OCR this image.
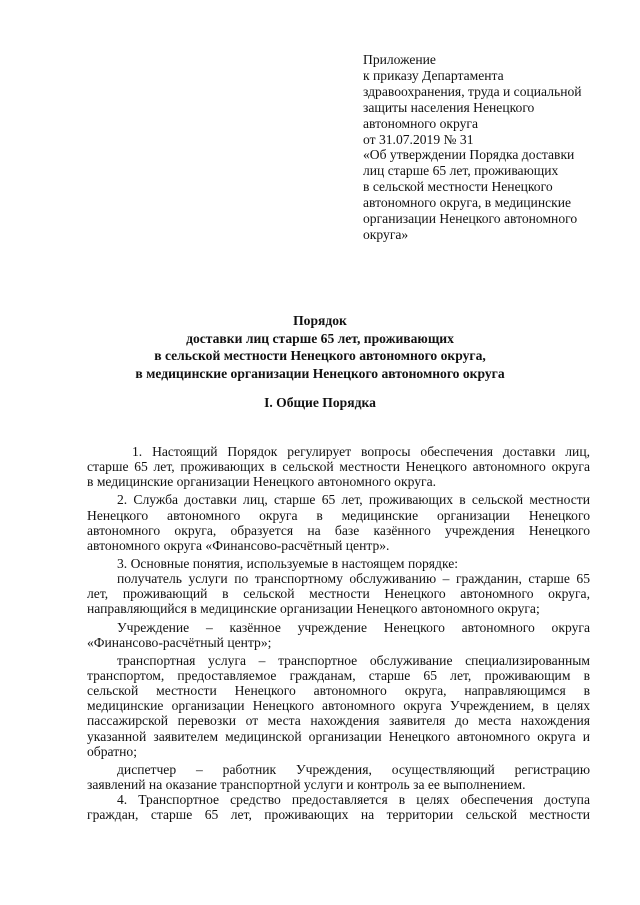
Приложение
к приказу Департамента
здравоохранения, труда и социальной
защиты населения Ненецкого
автономного округа
от 31.07.2019 № 31
«Об утверждении Порядка доставки
лиц старше 65 лет, проживающих
в сельской местности Ненецкого
автономного округа, в медицинские
организации Ненецкого автономного
округа»
Порядок
доставки лиц старше 65 лет, проживающих
в сельской местности Ненецкого автономного округа,
в медицинские организации Ненецкого автономного округа
I. Общие Порядка
1. Настоящий Порядок регулирует вопросы обеспечения доставки лиц,
старше 65 лет, проживающих в сельской местности Ненецкого автономного округа
в медицинские организации Ненецкого автономного округа.
2. Служба доставки лиц, старше 65 лет, проживающих в сельской местности
Ненецкого автономного округа в медицинские организации Ненецкого
автономного округа, образуется на базе казённого учреждения Ненецкого
автономного округа «Финансово-расчётный центр».
3. Основные понятия, используемые в настоящем порядке:
получатель услуги по транспортному обслуживанию – гражданин, старше 65
лет, проживающий в сельской местности Ненецкого автономного округа,
направляющийся в медицинские организации Ненецкого автономного округа;
Учреждение – казённое учреждение Ненецкого автономного округа
«Финансово-расчётный центр»;
транспортная услуга – транспортное обслуживание специализированным
транспортом, предоставляемое гражданам, старше 65 лет, проживающим в
сельской местности Ненецкого автономного округа, направляющимся в
медицинские организации Ненецкого автономного округа Учреждением, в целях
пассажирской перевозки от места нахождения заявителя до места нахождения
указанной заявителем медицинской организации Ненецкого автономного округа и
обратно;
диспетчер – работник Учреждения, осуществляющий регистрацию
заявлений на оказание транспортной услуги и контроль за ее выполнением.
4. Транспортное средство предоставляется в целях обеспечения доступа
граждан, старше 65 лет, проживающих на территории сельской местности
